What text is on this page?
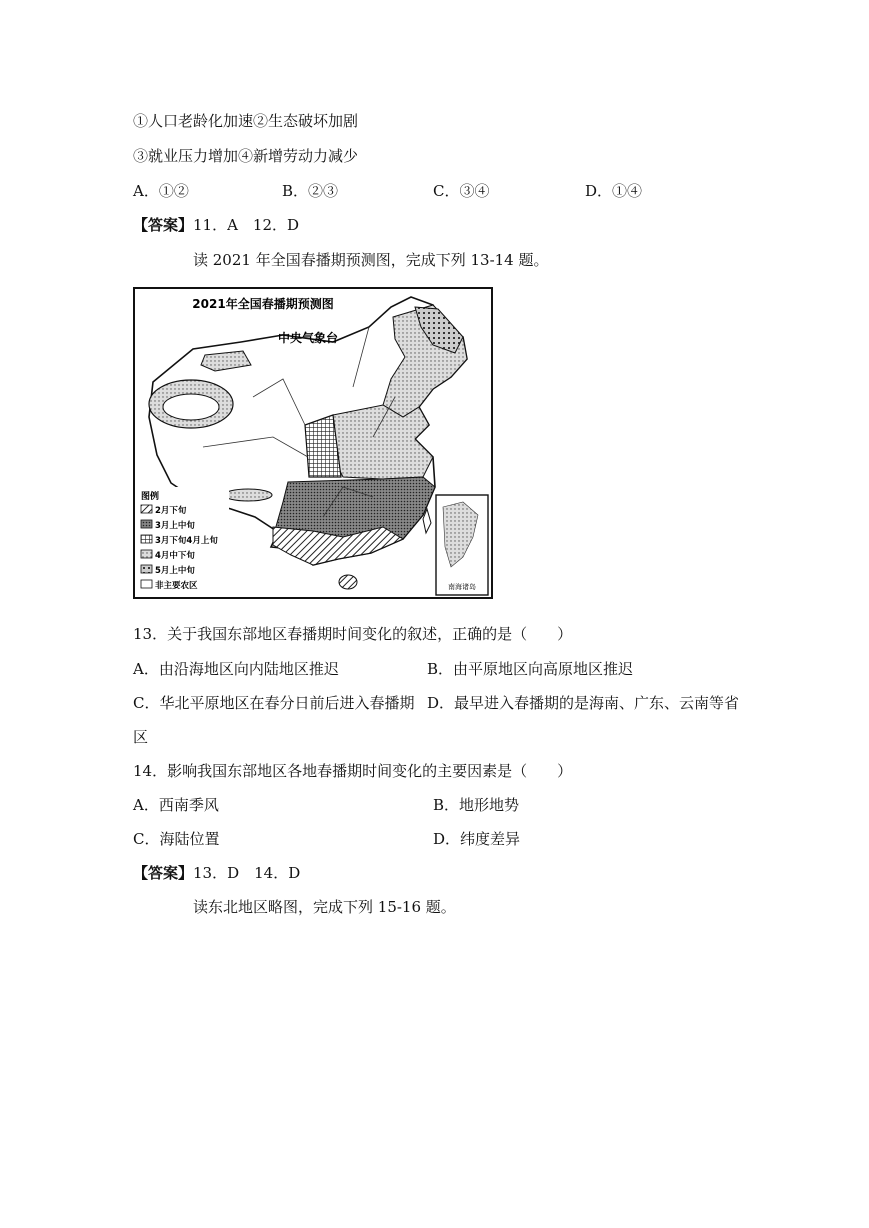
①人口老龄化加速②生态破坏加剧
③就业压力增加④新增劳动力减少
A．①②	B．②③	C．③④	D．①④
【答案】11．A　12．D
读 2021 年全国春播期预测图，完成下列 13-14 题。
南海诸岛
2021年全国春播期预测图
中央气象台
图例
2月下旬
3月上中旬
3月下旬4月上旬
4月中下旬
5月上中旬
非主要农区
13．关于我国东部地区春播期时间变化的叙述，正确的是（　　）
A．由沿海地区向内陆地区推迟	B．由平原地区向高原地区推迟
C．华北平原地区在春分日前后进入春播期 D．最早进入春播期的是海南、广东、云南等省
区
14．影响我国东部地区各地春播期时间变化的主要因素是（　　）
A．西南季风	B．地形地势
C．海陆位置	D．纬度差异
【答案】13．D　14．D
读东北地区略图，完成下列 15-16 题。
